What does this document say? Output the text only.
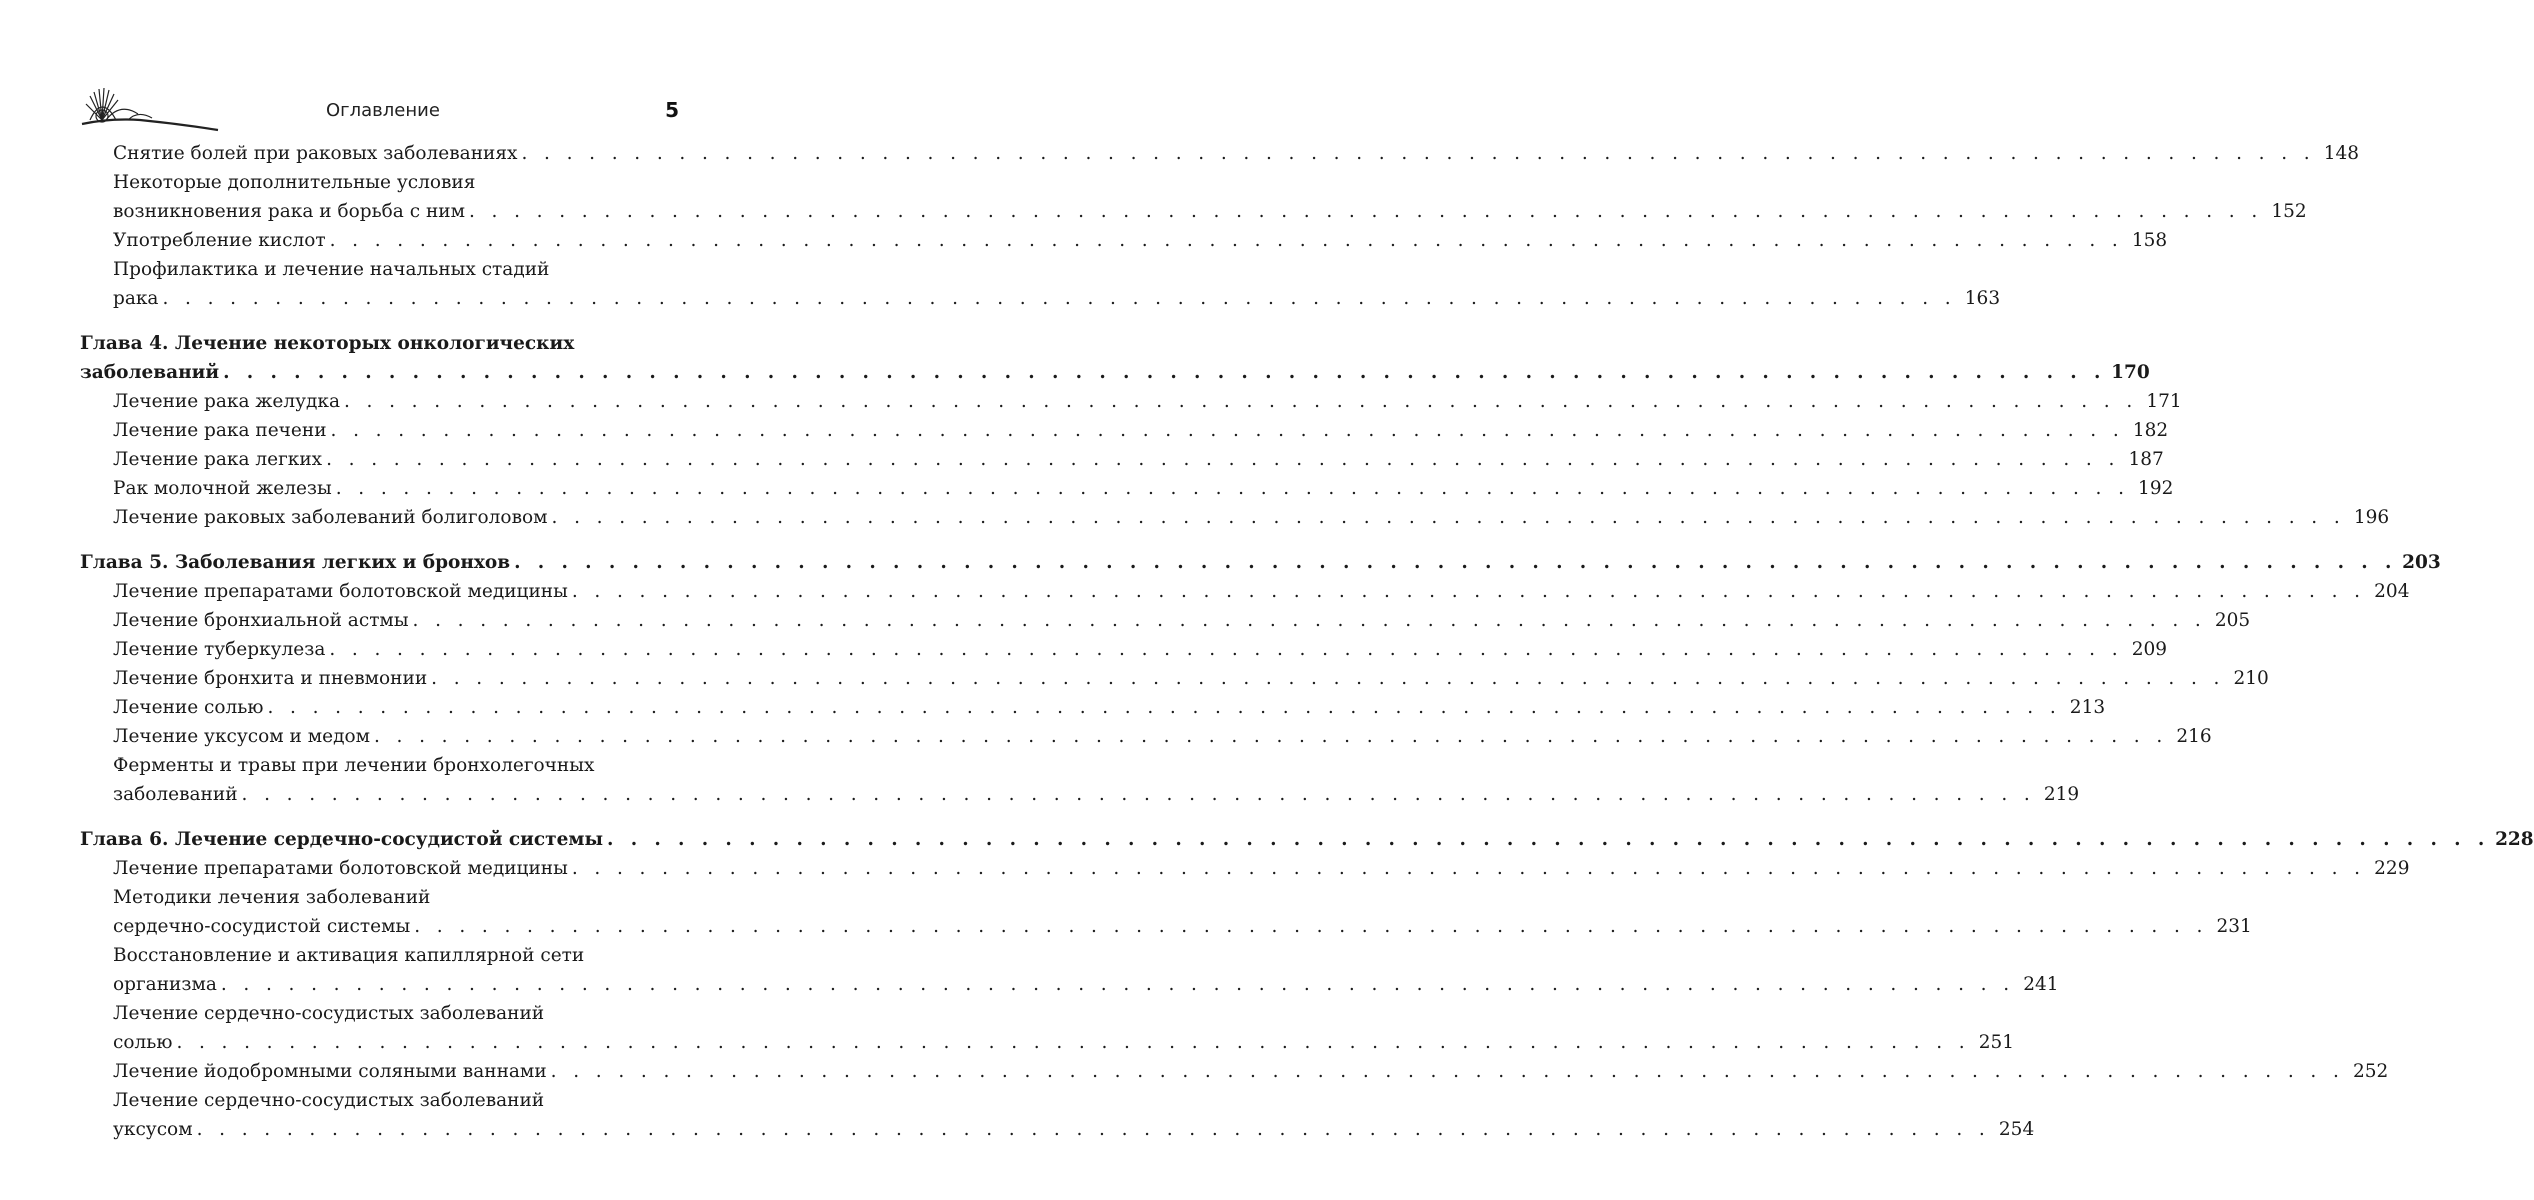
Оглавление	5
Снятие болей при раковых заболеваниях . . . . . . . . . . . . . . . . . . . . . . . . . . . . . . . . . . . . . . . . . . . . . . . . . . . . . . . . . . . . . . . . . . . . . . . . . . . . . . . . 148
Некоторые дополнительные условия
возникновения рака и борьба с ним . . . . . . . . . . . . . . . . . . . . . . . . . . . . . . . . . . . . . . . . . . . . . . . . . . . . . . . . . . . . . . . . . . . . . . . . . . . . . . . . 152
Употребление кислот . . . . . . . . . . . . . . . . . . . . . . . . . . . . . . . . . . . . . . . . . . . . . . . . . . . . . . . . . . . . . . . . . . . . . . . . . . . . . . . . 158
Профилактика и лечение начальных стадий
рака . . . . . . . . . . . . . . . . . . . . . . . . . . . . . . . . . . . . . . . . . . . . . . . . . . . . . . . . . . . . . . . . . . . . . . . . . . . . . . . . 163
Глава 4. Лечение некоторых онкологических
заболеваний . . . . . . . . . . . . . . . . . . . . . . . . . . . . . . . . . . . . . . . . . . . . . . . . . . . . . . . . . . . . . . . . . . . . . . . . . . . . . . . . 170
Лечение рака желудка . . . . . . . . . . . . . . . . . . . . . . . . . . . . . . . . . . . . . . . . . . . . . . . . . . . . . . . . . . . . . . . . . . . . . . . . . . . . . . . . 171
Лечение рака печени . . . . . . . . . . . . . . . . . . . . . . . . . . . . . . . . . . . . . . . . . . . . . . . . . . . . . . . . . . . . . . . . . . . . . . . . . . . . . . . . 182
Лечение рака легких . . . . . . . . . . . . . . . . . . . . . . . . . . . . . . . . . . . . . . . . . . . . . . . . . . . . . . . . . . . . . . . . . . . . . . . . . . . . . . . . 187
Рак молочной железы . . . . . . . . . . . . . . . . . . . . . . . . . . . . . . . . . . . . . . . . . . . . . . . . . . . . . . . . . . . . . . . . . . . . . . . . . . . . . . . . 192
Лечение раковых заболеваний болиголовом . . . . . . . . . . . . . . . . . . . . . . . . . . . . . . . . . . . . . . . . . . . . . . . . . . . . . . . . . . . . . . . . . . . . . . . . . . . . . . . . 196
Глава 5. Заболевания легких и бронхов . . . . . . . . . . . . . . . . . . . . . . . . . . . . . . . . . . . . . . . . . . . . . . . . . . . . . . . . . . . . . . . . . . . . . . . . . . . . . . . . 203
Лечение препаратами болотовской медицины . . . . . . . . . . . . . . . . . . . . . . . . . . . . . . . . . . . . . . . . . . . . . . . . . . . . . . . . . . . . . . . . . . . . . . . . . . . . . . . . 204
Лечение бронхиальной астмы . . . . . . . . . . . . . . . . . . . . . . . . . . . . . . . . . . . . . . . . . . . . . . . . . . . . . . . . . . . . . . . . . . . . . . . . . . . . . . . . 205
Лечение туберкулеза . . . . . . . . . . . . . . . . . . . . . . . . . . . . . . . . . . . . . . . . . . . . . . . . . . . . . . . . . . . . . . . . . . . . . . . . . . . . . . . . 209
Лечение бронхита и пневмонии . . . . . . . . . . . . . . . . . . . . . . . . . . . . . . . . . . . . . . . . . . . . . . . . . . . . . . . . . . . . . . . . . . . . . . . . . . . . . . . . 210
Лечение солью . . . . . . . . . . . . . . . . . . . . . . . . . . . . . . . . . . . . . . . . . . . . . . . . . . . . . . . . . . . . . . . . . . . . . . . . . . . . . . . . 213
Лечение уксусом и медом . . . . . . . . . . . . . . . . . . . . . . . . . . . . . . . . . . . . . . . . . . . . . . . . . . . . . . . . . . . . . . . . . . . . . . . . . . . . . . . . 216
Ферменты и травы при лечении бронхолегочных
заболеваний . . . . . . . . . . . . . . . . . . . . . . . . . . . . . . . . . . . . . . . . . . . . . . . . . . . . . . . . . . . . . . . . . . . . . . . . . . . . . . . . 219
Глава 6. Лечение сердечно-сосудистой системы . . . . . . . . . . . . . . . . . . . . . . . . . . . . . . . . . . . . . . . . . . . . . . . . . . . . . . . . . . . . . . . . . . . . . . . . . . . . . . . . 228
Лечение препаратами болотовской медицины . . . . . . . . . . . . . . . . . . . . . . . . . . . . . . . . . . . . . . . . . . . . . . . . . . . . . . . . . . . . . . . . . . . . . . . . . . . . . . . . 229
Методики лечения заболеваний
сердечно-сосудистой системы . . . . . . . . . . . . . . . . . . . . . . . . . . . . . . . . . . . . . . . . . . . . . . . . . . . . . . . . . . . . . . . . . . . . . . . . . . . . . . . . 231
Восстановление и активация капиллярной сети
организма . . . . . . . . . . . . . . . . . . . . . . . . . . . . . . . . . . . . . . . . . . . . . . . . . . . . . . . . . . . . . . . . . . . . . . . . . . . . . . . . 241
Лечение сердечно-сосудистых заболеваний
солью . . . . . . . . . . . . . . . . . . . . . . . . . . . . . . . . . . . . . . . . . . . . . . . . . . . . . . . . . . . . . . . . . . . . . . . . . . . . . . . . 251
Лечение йодобромными соляными ваннами . . . . . . . . . . . . . . . . . . . . . . . . . . . . . . . . . . . . . . . . . . . . . . . . . . . . . . . . . . . . . . . . . . . . . . . . . . . . . . . . 252
Лечение сердечно-сосудистых заболеваний
уксусом . . . . . . . . . . . . . . . . . . . . . . . . . . . . . . . . . . . . . . . . . . . . . . . . . . . . . . . . . . . . . . . . . . . . . . . . . . . . . . . . 254
